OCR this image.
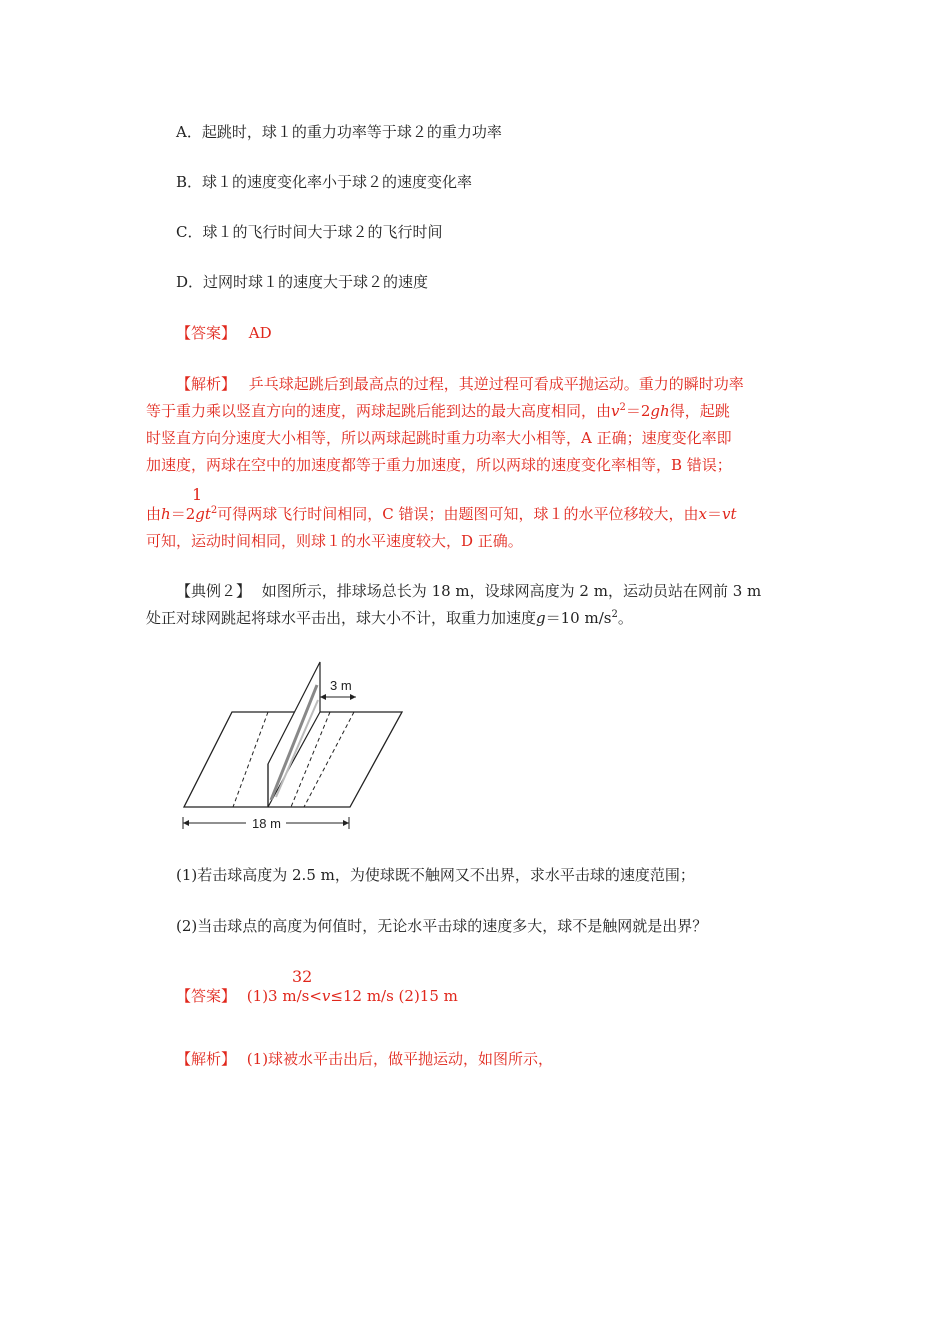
A．起跳时，球１的重力功率等于球２的重力功率
B．球１的速度变化率小于球２的速度变化率
C．球１的飞行时间大于球２的飞行时间
D．过网时球１的速度大于球２的速度
【答案】 AD
【解析】 乒乓球起跳后到最高点的过程，其逆过程可看成平抛运动。重力的瞬时功率
等于重力乘以竖直方向的速度，两球起跳后能到达的最大高度相同，由$v^2=2gh$得，起跳
时竖直方向分速度大小相等，所以两球起跳时重力功率大小相等，A 正确；速度变化率即
加速度，两球在空中的加速度都等于重力加速度，所以两球的速度变化率相等，B 错误；
1
由$h=2gt^2$可得两球飞行时间相同，C 错误；由题图可知，球１的水平位移较大，由x＝vt
可知，运动时间相同，则球１的水平速度较大，D 正确。
【典例２】 如图所示，排球场总长为 18 m，设球网高度为 2 m，运动员站在网前 3 m
处正对球网跳起将球水平击出，球大小不计，取重力加速度g＝10 $m/s^2$。
3 m
18 m
(1)若击球高度为 2.5 m，为使球既不触网又不出界，求水平击球的速度范围；
(2)当击球点的高度为何值时，无论水平击球的速度多大，球不是触网就是出界？
32
【答案】 (1)3 m/s<v≤12 m/s (2)15 m
【解析】 (1)球被水平击出后，做平抛运动，如图所示，
